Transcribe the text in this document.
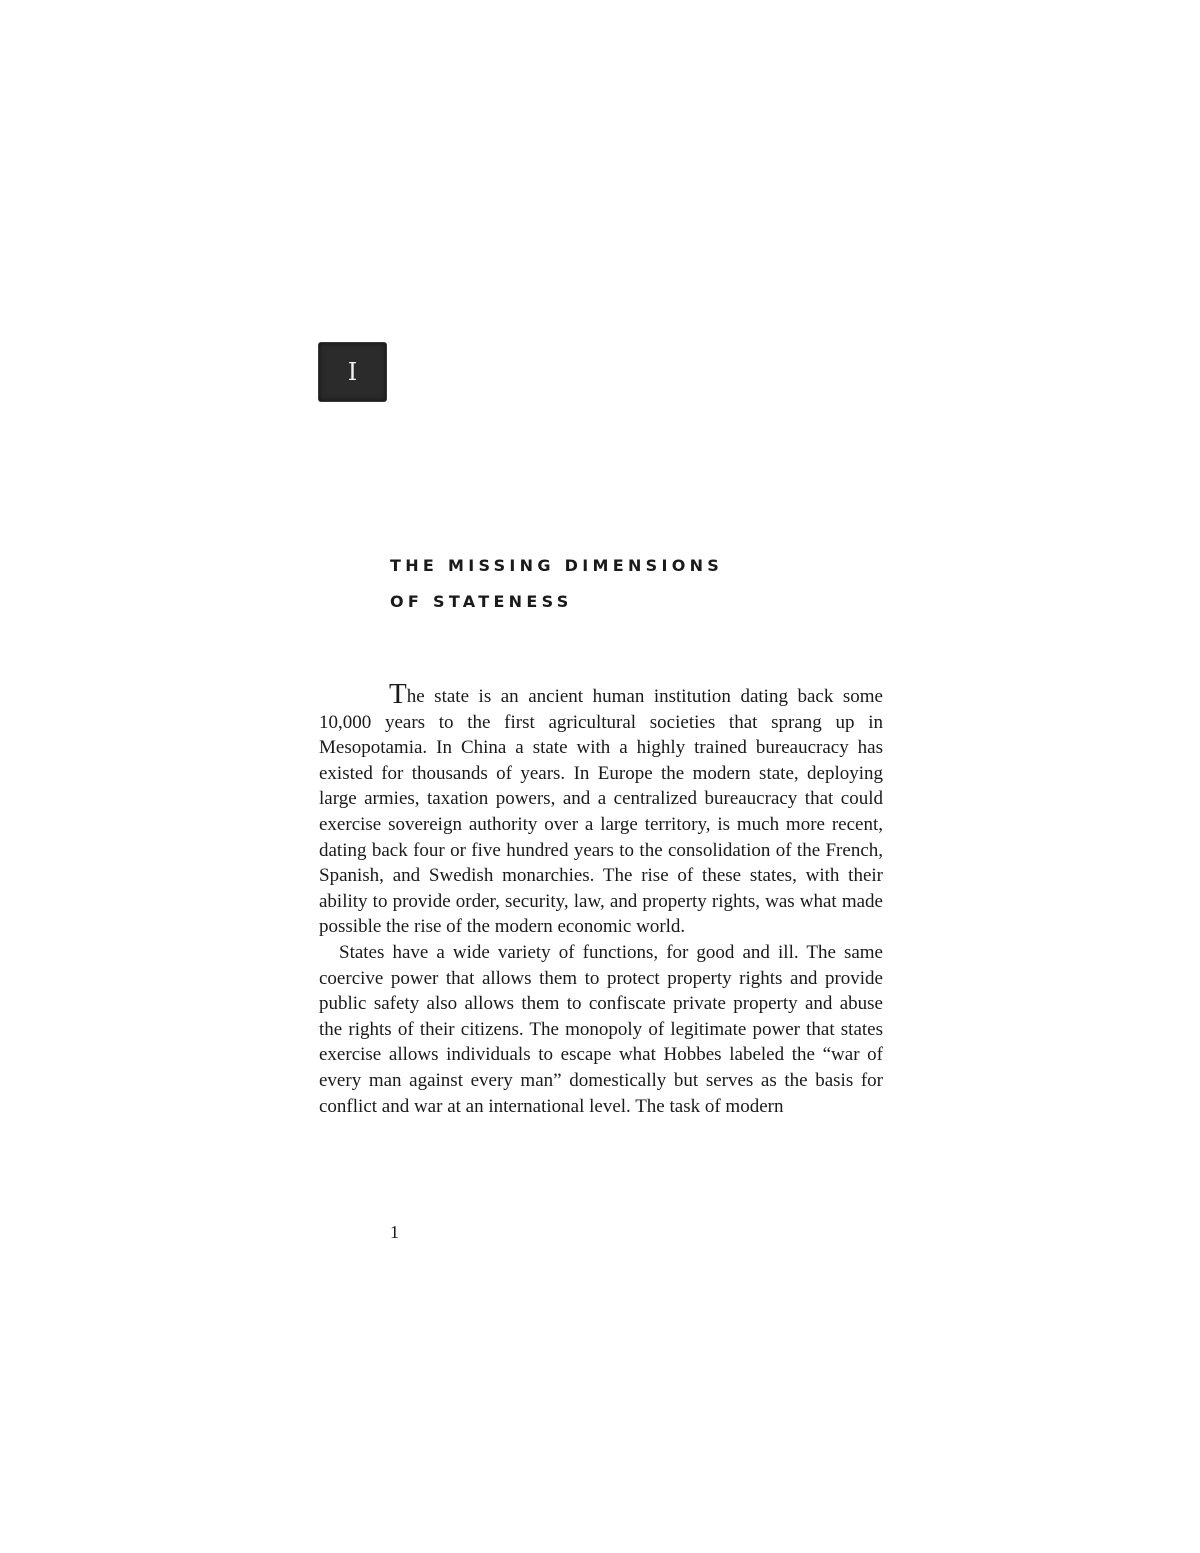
I
THE MISSING DIMENSIONS
OF STATENESS

The state is an ancient human institution dating back some 10,000 years to the first agricultural societies that sprang up in Mesopotamia. In China a state with a highly trained bureaucracy has existed for thousands of years. In Europe the modern state, deploying large armies, taxation powers, and a centralized bureaucracy that could exercise sovereign authority over a large territory, is much more recent, dating back four or five hundred years to the consolidation of the French, Spanish, and Swedish monarchies. The rise of these states, with their ability to provide order, security, law, and property rights, was what made possible the rise of the modern economic world.

States have a wide variety of functions, for good and ill. The same coercive power that allows them to protect property rights and provide public safety also allows them to confiscate private property and abuse the rights of their citizens. The monopoly of legitimate power that states exercise allows individuals to escape what Hobbes labeled the “war of every man against every man” domestically but serves as the basis for conflict and war at an international level. The task of modern

1
